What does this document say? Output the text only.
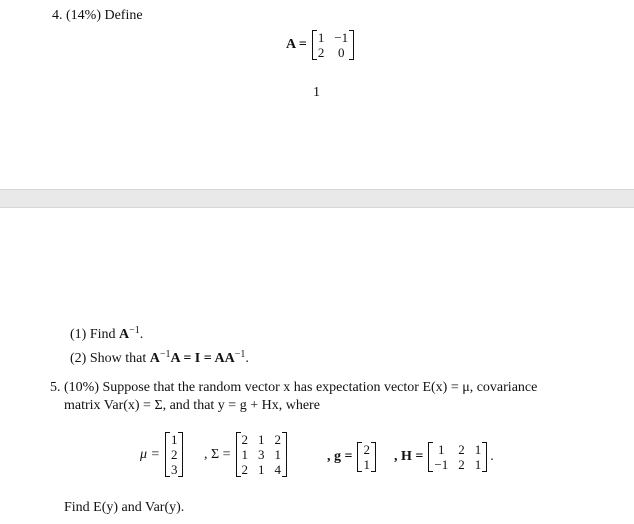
4. (14%) Define
A = 1 −1
2 0
1
(1) Find $A^{-1}$.
(2) Show that $A^{-1}A = I = AA^{-1}$.
5. (10%) Suppose that the random vector x has expectation vector E(x) = μ, covariance
matrix Var(x) = Σ, and that y = g + Hx, where
μ =
1
2
3
, Σ =
2 1 2
1 3 1
2 1 4
, g = 2
1
, H = 1 2 1
−1 2 1
.
Find E(y) and Var(y).
